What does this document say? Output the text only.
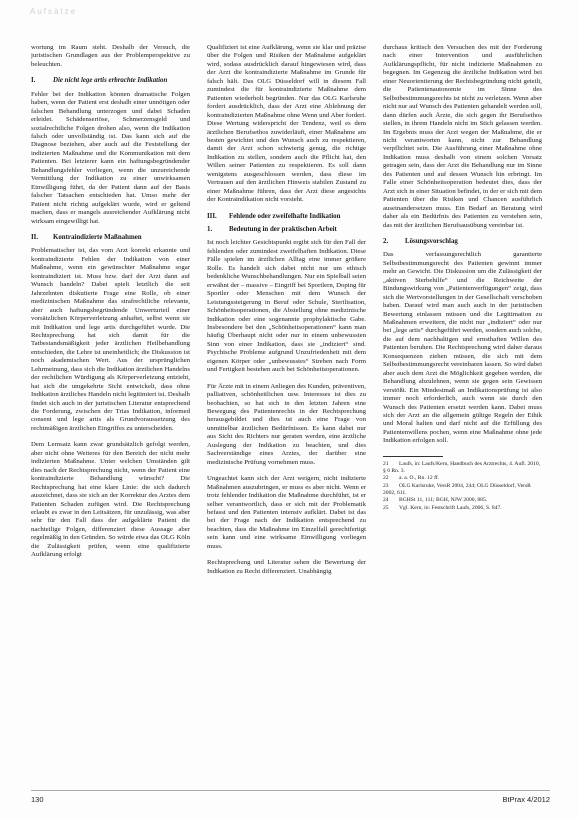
Aufsätze

wortung im Raum steht. Deshalb der Versuch, die juristischen Grundlagen aus der Problemperspektive zu beleuchten.

I.	Die nicht lege artis erbrachte Indikation

Fehler bei der Indikation können dramatische Folgen haben, wenn der Patient erst deshalb einer unnötigen oder falschen Behandlung unterzogen und dabei Schaden erleidet. Schädenseriöse, Schmerzensgeld und sozialrechtliche Folgen drohen also, wenn die Indikation falsch oder unvollständig ist. Das kann sich auf die Diagnose beziehen, aber auch auf die Feststellung der indizierten Maßnahme und die Kommunikation mit dem Patienten. Bei letzterer kann ein haftungsbegründender Behandlungsfehler vorliegen, wenn die unzureichende Vermittlung der Indikation zu einer unwirksamen Einwilligung führt, da der Patient dann auf der Basis falscher Tatsachen entschieden hat. Umso mehr der Patient nicht richtig aufgeklärt wurde, wird er geltend machen, dass er mangels ausreichender Aufklärung nicht wirksam eingewilligt hat.

II. Kontraindizierte Maßnahmen

Problematischer ist, das vom Arzt korrekt erkannte und kontraindizierte Fehlen der Indikation von einer Maßnahme, wenn ein gewünschter Maßnahme sogar kontraindiziert ist. Muss bzw. darf der Arzt dann auf Wunsch handeln? Dabei spielt letztlich die seit Jahrzehnten diskutierte Frage eine Rolle, ob einer medizinischen Maßnahme das strafrechtliche relevante, aber auch haftungsbegründende Unwerturteil einer vorsätzlichen Körperverletzung anhaftet, selbst wenn sie mit Indikation und lege artis durchgeführt wurde. Die Rechtsprechung hat sich damit für die Tatbestandsmäßigkeit jeder ärztlichen Heilbehandlung entschieden, die Lehre ist uneinheitlich; die Diskussion ist noch akademischen Wert. Aus der ursprünglichen Lehrmeinung, dass sich die Indikation ärztlichen Handelns der rechtlichen Würdigung als Körperverletzung entzieht, hat sich die umgekehrte Sicht entwickelt, dass ohne Indikation ärztliches Handeln nicht legitimiert ist. Deshalb findet sich auch in der juristischen Literatur entsprechend die Forderung, zwischen der Trias Indikation, informed consent und lege artis als Grundvoraussetzung des rechtmäßigen ärztlichen Eingriffes zu unterscheiden.

Dem Lernsatz kann zwar grundsätzlich gefolgt werden, aber nicht ohne Weiteres für den Bereich der nicht mehr indizierten Maßnahme. Unter welchen Umständen gilt dies nach der Rechtsprechung nicht, wenn der Patient eine kontraindizierte Behandlung wünscht? Die Rechtsprechung hat eine klare Linie: die sich dadurch auszeichnet, dass sie sich an der Korrektur des Arztes dem Patienten Schaden zufügen wird. Die Rechtsprechung erlaubt es zwar in den Leitsätzen, für unzulässig, was aber sehr für den Fall dass der aufgeklärte Patient die nachteilige Folgen, differenziert diese Aussage aber regelmäßig in den Gründen. So würde etwa das OLG Köln die Zulässigkeit prüfen, wenn eine qualifizierte Aufklärung erfolgt

Qualifiziert ist eine Aufklärung, wenn sie klar und präzise über die Folgen und Risiken der Maßnahme aufgeklärt wird, sodass ausdrücklich darauf hingewiesen wird, dass der Arzt die kontraindizierte Maßnahme im Grunde für falsch hält. Das OLG Düsseldorf will in diesem Fall zumindest die für kontraindizierte Maßnahme dem Patienten wiederholt begründen. Nur das OLG Karlsruhe fordert ausdrücklich, dass der Arzt eine Ablehnung der kontraindizierten Maßnahme ohne Wenn und Aber fordert. Diese Wertung widerspricht der Tendenz, weil es dem ärztlichen Berufsethos zuwiderläuft, einer Maßnahme am besten gewichtet und den Wunsch auch zu respektieren, damit der Arzt schon schwierig genug, die richtige Indikation zu stellen, sondern auch die Pflicht hat, den Willen seiner Patienten zu respektieren. Es soll dann wenigstens ausgeschlossen werden, dass diese im Vertrauen auf den ärztlichen Hinweis stabilen Zustand zu einer Maßnahme führen, dass der Arzt diese angesichts der Kontraindikation nicht vorsieht.

III. Fehlende oder zweifelhafte Indikation
1. Bedeutung in der praktischen Arbeit

Ist noch leichter Gesichtspunkt ergibt sich für den Fall der fehlenden oder zumindest zweifelhaften Indikation. Diese Fälle spielen im ärztlichen Alltag eine immer größere Rolle. Es handelt sich dabei nicht nur um ethisch bedenkliche Wunschbehandlungen. Nur ein Spielball seien erwähnt der – massive – Eingriff bei Sportlern, Doping für Sportler oder Menschen mit dem Wunsch der Leistungssteigerung in Beruf oder Schule, Sterilisation, Schönheitsoperationen, die Abstellung ohne medizinische Indikation oder eine sogenannte prophylaktische Gabe. Insbesondere bei den „Schönheitsoperationen“ kann man häufig Überhaupt nicht oder nur in einem unbewussten Sinn von einer Indikation, dass sie „indiziert“ sind. Psychische Probleme aufgrund Unzufriedenheit mit dem eigenen Körper oder „unbewusstes“ Streben nach Form und Fertigkeit bestehen auch bei Schönheitsoperationen.

Für Ärzte mit in einem Anliegen des Kunden, präventiven, palliativen, schönheitlichen usw. Interesses ist dies zu beobachten, so hat sich in den letzten Jahren eine Bewegung des Patientenrechts in der Rechtsprechung herausgebildet und dies ist auch eine Frage von unmittelbar ärztlichen Bedürfnissen. Es kann dabei nur aus Sicht des Richters nur geraten werden, eine ärztliche Auslegung der Indikation zu beachten, und dies Sachverständige eines Arztes, der darüber eine medizinische Prüfung vornehmen muss.

Ungeachtet kann sich der Arzt weigern, nicht indizierte Maßnahmen auszubringen, er muss es aber nicht. Wenn er trotz fehlender Indikation die Maßnahme durchführt, ist er selber verantwortlich, dass er sich mit der Problematik befasst und den Patienten intensiv aufklärt. Dabei ist das bei der Frage nach der Indikation entsprechend zu beachten, dass die Maßnahme im Einzelfall gerechtfertigt sein kann und eine wirksame Einwilligung vorliegen muss.

Rechtsprechung und Literatur sehen die Bewertung der Indikation zu Recht differenziert. Unabhängig

durchaus kritisch den Versuchen des mit der Forderung nach einer Intervention und ausführlichen Aufklärungspflicht, für nicht indizierte Maßnahmen zu begegnen. Im Gegenzug die ärztliche Indikation wird bei einer Neuorientierung der Rechtsbegründung nicht geteilt, die Patientenautonomie im Sinne des Selbstbestimmungsrechts ist nicht zu verletzen. Wenn aber nicht nur auf Wunsch des Patienten gehandelt werden soll, dann dürfen auch Ärzte, die sich gegen ihr Berufsethos stellen, in ihrem Handeln nicht im Stich gelassen werden. Im Ergebnis muss der Arzt wegen der Maßnahme, die er nicht verantworten kann, nicht zur Behandlung verpflichtet sein. Die Ausführung einer Maßnahme ohne Indikation muss deshalb von einem solchen Vorsatz getragen sein, dass der Arzt die Behandlung nur im Sinne des Patienten und auf dessen Wunsch hin erbringt. Im Falle einer Schönheitsoperation bedeutet dies, dass der Arzt sich in einer Situation befindet, in der er sich mit dem Patienten über die Risiken und Chancen ausführlich auseinandersetzen muss. Ein Bedarf an Beratung wird daher als ein Bedürfnis des Patienten zu verstehen sein, das mit der ärztlichen Berufsausübung vereinbar ist.

2. Lösungsvorschlag

Das verfassungsrechtlich garantierte Selbstbestimmungsrecht des Patienten gewinnt immer mehr an Gewicht. Die Diskussion um die Zulässigkeit der „aktiven Sterbehilfe“ und die Reichweite der Bindungswirkung von „Patientenverfügungen“ zeigt, dass sich die Wertvorstellungen in der Gesellschaft verschoben haben. Darauf wird man auch auch in der juristischen Bewertung einlassen müssen und die Legitimation zu Maßnahmen erweitern, die nicht nur „indiziert“ oder nur bei „lege artis“ durchgeführt werden, sondern auch solche, die auf dem nachhaltigen und ernsthaften Willen des Patienten beruhen. Die Rechtsprechung wird daher daraus Konsequenzen ziehen müssen, die sich mit dem Selbstbestimmungsrecht vereinbaren lassen. So wird dabei aber auch dem Arzt die Möglichkeit gegeben werden, die Behandlung abzulehnen, wenn sie gegen sein Gewissen verstößt. Ein Mindestmaß an Indikationsprüfung ist also immer noch erforderlich, auch wenn sie durch den Wunsch des Patienten ersetzt werden kann. Dabei muss sich der Arzt an die allgemein gültige Regeln der Ethik und Moral halten und darf nicht auf die Erfüllung des Patientenwillens pochen, wenn eine Maßnahme ohne jede Indikation erfolgen soll.

21 Laufs, in: Laufs/Kern, Handbuch des Arztrechts, 4. Aufl. 2010, § 6 Rn. 3.
22 a. a. O., Rn. 12 ff.
23 OLG Karlsruhe, VersR 2004, 244; OLG Düsseldorf, VersR 2002, 611.
24 BGHSt 11, 111; BGH, NJW 2000, 885.
25 Vgl. Kern, in: Festschrift Laufs, 2006, S. 847.
130	BtPrax 4/2012
